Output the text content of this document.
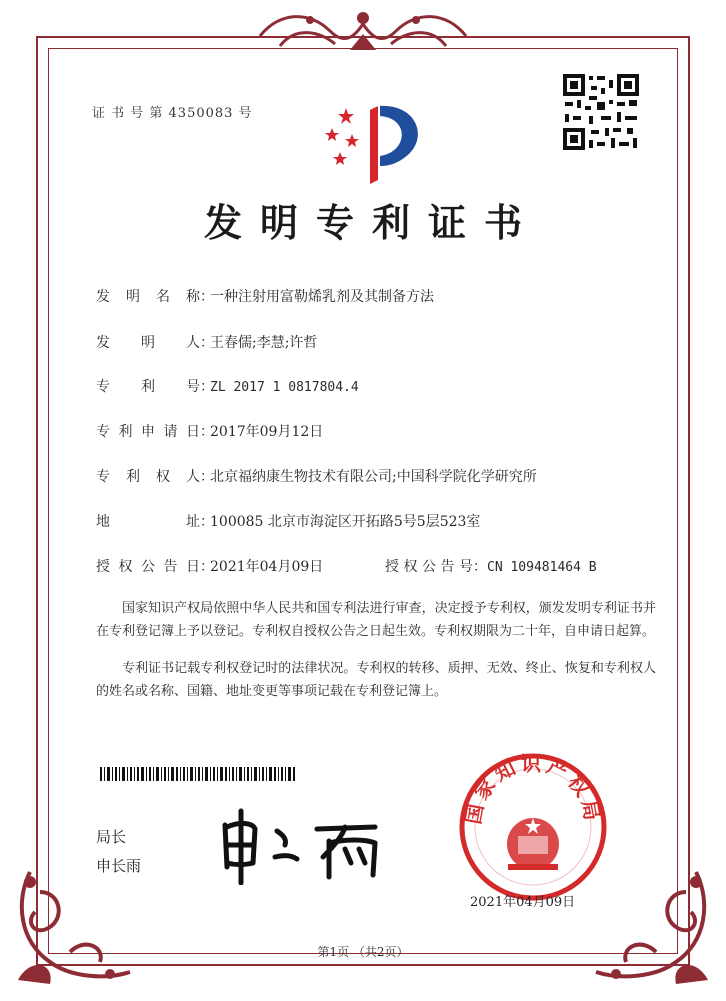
证 书 号 第 4350083 号
发明专利证书
发明名称：一种注射用富勒烯乳剂及其制备方法
发明人：王春儒;李慧;许哲
专利号：ZL 2017 1 0817804.4
专利申请日：2017年09月12日
专利权人：北京福纳康生物技术有限公司;中国科学院化学研究所
地址：100085 北京市海淀区开拓路5号5层523室
授权公告日：2021年04月09日	授权公告号：CN 109481464 B
国家知识产权局依照中华人民共和国专利法进行审查，决定授予专利权，颁发发明专利证书并在专利登记簿上予以登记。专利权自授权公告之日起生效。专利权期限为二十年，自申请日起算。
专利证书记载专利权登记时的法律状况。专利权的转移、质押、无效、终止、恢复和专利权人的姓名或名称、国籍、地址变更等事项记载在专利登记簿上。
局长
申长雨
国家知识产权局
2021年04月09日
第1页 （共2页）
